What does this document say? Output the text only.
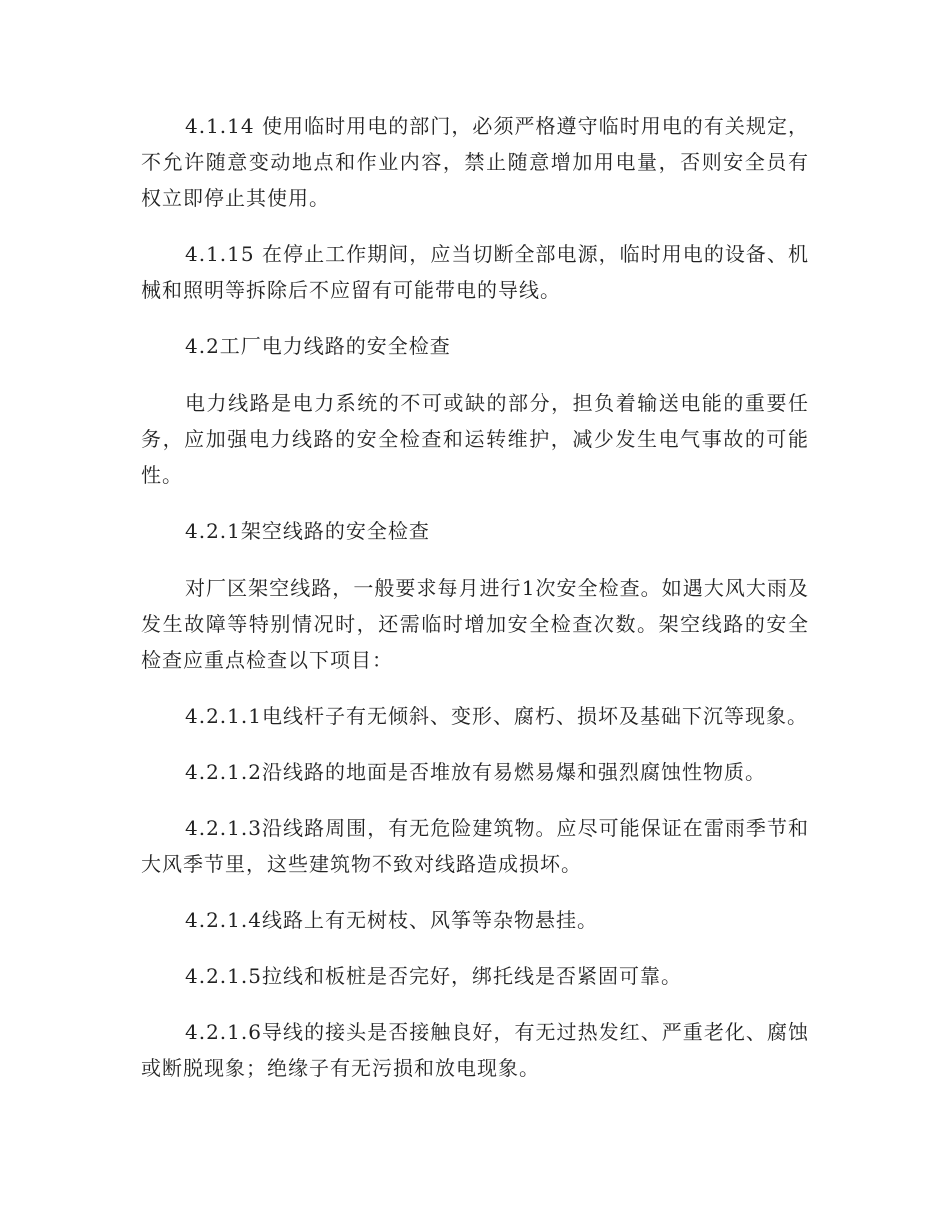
4.1.14 使用临时用电的部门，必须严格遵守临时用电的有关规定，不允许随意变动地点和作业内容，禁止随意增加用电量，否则安全员有权立即停止其使用。

4.1.15 在停止工作期间，应当切断全部电源，临时用电的设备、机械和照明等拆除后不应留有可能带电的导线。

4.2工厂电力线路的安全检查

电力线路是电力系统的不可或缺的部分，担负着输送电能的重要任务，应加强电力线路的安全检查和运转维护，减少发生电气事故的可能性。

4.2.1架空线路的安全检查

对厂区架空线路，一般要求每月进行1次安全检查。如遇大风大雨及发生故障等特别情况时，还需临时增加安全检查次数。架空线路的安全检查应重点检查以下项目：

4.2.1.1电线杆子有无倾斜、变形、腐朽、损坏及基础下沉等现象。

4.2.1.2沿线路的地面是否堆放有易燃易爆和强烈腐蚀性物质。

4.2.1.3沿线路周围，有无危险建筑物。应尽可能保证在雷雨季节和大风季节里，这些建筑物不致对线路造成损坏。

4.2.1.4线路上有无树枝、风筝等杂物悬挂。

4.2.1.5拉线和板桩是否完好，绑托线是否紧固可靠。

4.2.1.6导线的接头是否接触良好，有无过热发红、严重老化、腐蚀或断脱现象；绝缘子有无污损和放电现象。
